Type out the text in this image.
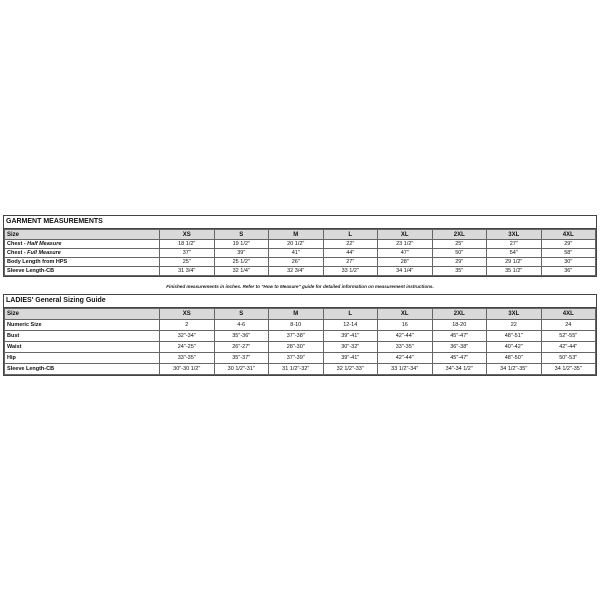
GARMENT MEASUREMENTS
Size	XS	S	M	L	XL	2XL	3XL	4XL
Chest - Half Measure	18 1/2"	19 1/2"	20 1/2"	22"	23 1/2"	25"	27"	29"
Chest - Full Measure	37"	39"	41"	44"	47"	50"	54"	58"
Body Length from HPS	25"	25 1/2"	26"	27"	28"	29"	29 1/2"	30"
Sleeve Length-CB	31 3/4"	32 1/4"	32 3/4"	33 1/2"	34 1/4"	35"	35 1/2"	36"
Finished measurements in inches. Refer to "How to Measure" guide for detailed information on measurement instructions.
LADIES' General Sizing Guide
Size	XS	S	M	L	XL	2XL	3XL	4XL
Numeric Size	2	4-6	8-10	12-14	16	18-20	22	24
Bust	32"-34"	35"-36"	37"-38"	39"-41"	42"-44"	45"-47"	48"-51"	52"-55"
Waist	24"-25"	26"-27"	28"-30"	30"-32"	33"-35"	36"-38"	40"-42"	42"-44"
Hip	33"-35"	35"-37"	37"-39"	39"-41"	42"-44"	45"-47"	48"-50"	50"-53"
Sleeve Length-CB	30"-30 1/2"	30 1/2"-31"	31 1/2"-32"	32 1/2"-33"	33 1/2"-34"	34"-34 1/2"	34 1/2"-35"	34 1/2"-35"
